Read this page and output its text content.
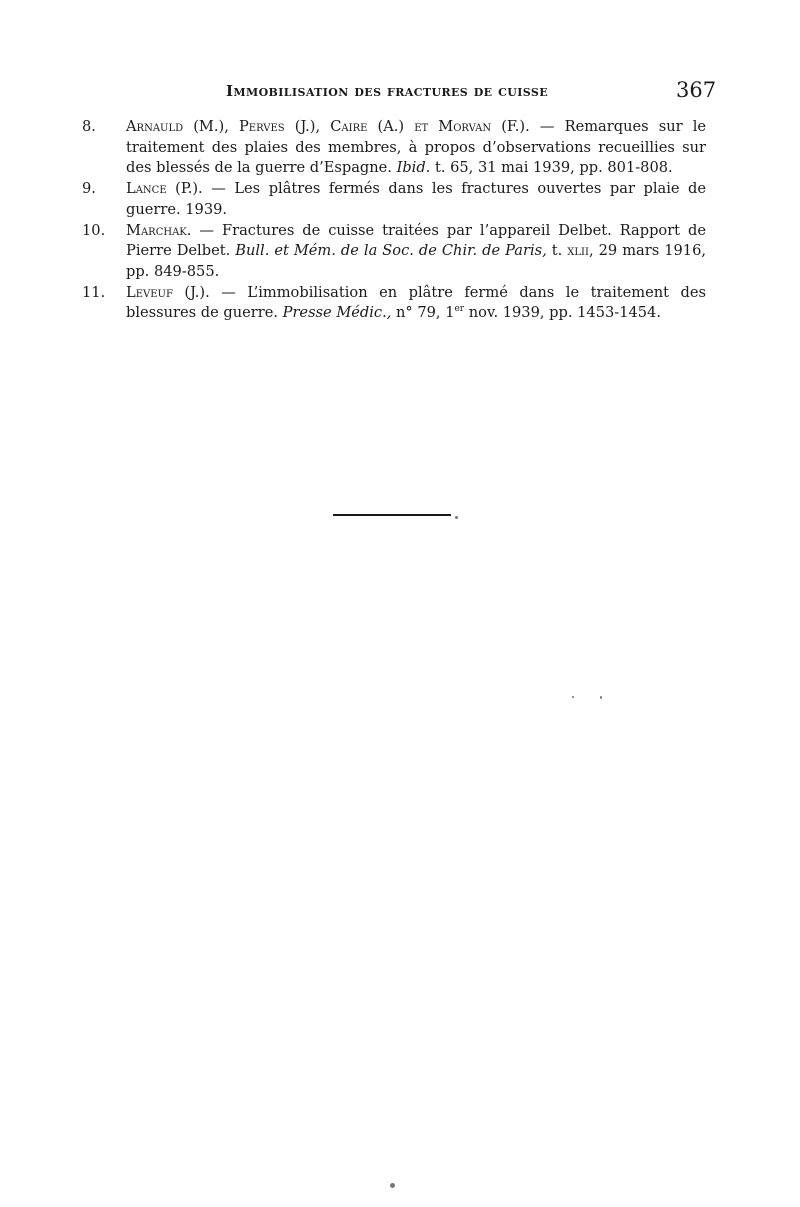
Immobilisation des fractures de cuisse	367
8. Arnauld (M.), Perves (J.), Caire (A.) et Morvan (F.). — Remarques sur le traitement des plaies des membres, à propos d’observations recueillies sur des blessés de la guerre d’Espagne. Ibid. t. 65, 31 mai 1939, pp. 801-808.
9. Lance (P.). — Les plâtres fermés dans les fractures ouvertes par plaie de guerre. 1939.
10. Marchak. — Fractures de cuisse traitées par l’appareil Delbet. Rapport de Pierre Delbet. Bull. et Mém. de la Soc. de Chir. de Paris, t. xlii, 29 mars 1916, pp. 849-855.
11. Leveuf (J.). — L’immobilisation en plâtre fermé dans le traitement des blessures de guerre. Presse Médic., n° 79, 1er nov. 1939, pp. 1453-1454.
